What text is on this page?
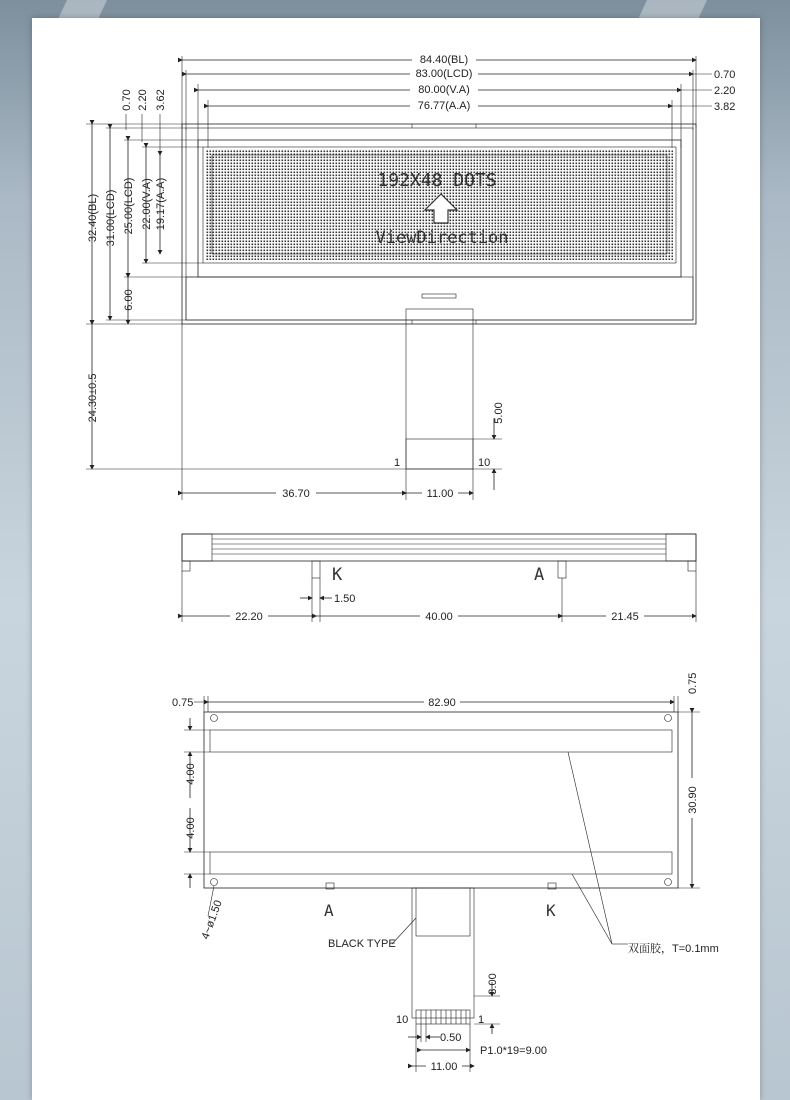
84.40(BL)
83.00(LCD)
80.00(V.A)
76.77(A.A)
0.70
2.20
3.82
0.70 2.20 3.62
192X48 DOTS
ViewDirection
32.40(BL) 31.00(LCD) 25.00(LCD) 22.00(V.A) 19.17(A.A)
6.00
1	10
24.30±0.5	5.00
36.70	11.00
K	A
1.50
22.20	40.00	21.45
82.90
0.75
0.75
4.00
4.00
30.90
4~ø1.50	A	K
BLACK TYPE	双面胶，T=0.1mm
10	1
3.00
0.50
P1.0*19=9.00
11.00
